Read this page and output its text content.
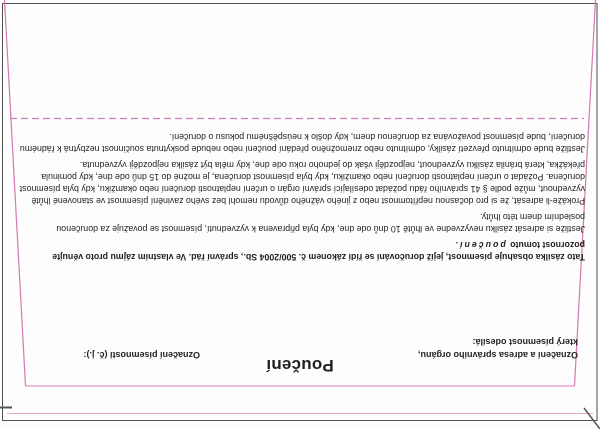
Poučení
Označení a adresa správního orgánu,
který písemnost odesílá:
Označení písemnosti (č. j.):

Tato zásilka obsahuje písemnost, jejíž doručování se řídí zákonem č. 500/2004 Sb., správní řád. Ve vlastním zájmu proto věnujte pozornost tomuto poučení.

Jestliže si adresát zásilku nevyzvedne ve lhůtě 10 dnů ode dne, kdy byla připravena k vyzvednutí, písemnost se považuje za doručenou posledním dnem této lhůty.

Prokáže-li adresát, že si pro dočasnou nepřítomnost nebo z jiného vážného důvodu nemohl bez svého zavinění písemnost ve stanovené lhůtě vyzvednout, může podle § 41 správního řádu požádat odesílající správní orgán o určení neplatnosti doručení nebo okamžiku, kdy byla písemnost doručena. Požádat o určení neplatnosti doručení nebo okamžiku, kdy byla písemnost doručena, je možné do 15 dnů ode dne, kdy pominula překážka, která bránila zásilku vyzvednout, nejpozději však do jednoho roku ode dne, kdy měla být zásilka nejpozději vyzvednuta.

Jestliže bude odmítnuto převzetí zásilky, odmítnuto nebo znemožněno předání poučení nebo nebude poskytnuta součinnost nezbytná k řádnému doručení, bude písemnost považována za doručenou dnem, kdy došlo k neúspěšnému pokusu o doručení.
